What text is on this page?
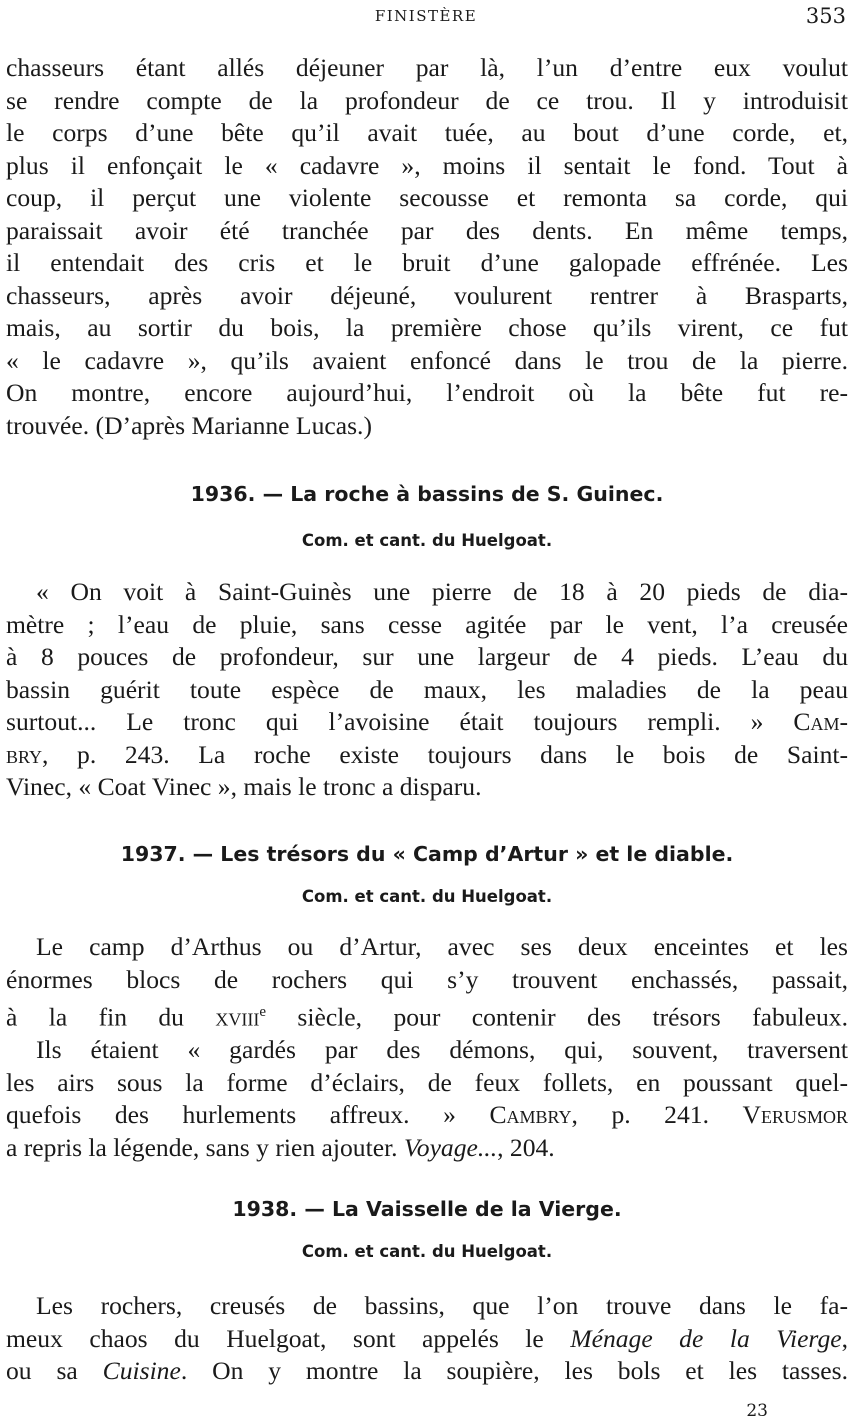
FINISTÈRE	353
chasseurs étant allés déjeuner par là, l’un d’entre eux voulut
se rendre compte de la profondeur de ce trou. Il y introduisit
le corps d’une bête qu’il avait tuée, au bout d’une corde, et,
plus il enfonçait le « cadavre », moins il sentait le fond. Tout à
coup, il perçut une violente secousse et remonta sa corde, qui
paraissait avoir été tranchée par des dents. En même temps,
il entendait des cris et le bruit d’une galopade effrénée. Les
chasseurs, après avoir déjeuné, voulurent rentrer à Brasparts,
mais, au sortir du bois, la première chose qu’ils virent, ce fut
« le cadavre », qu’ils avaient enfoncé dans le trou de la pierre.
On montre, encore aujourd’hui, l’endroit où la bête fut re-
trouvée. (D’après Marianne Lucas.)
1936. — La roche à bassins de S. Guinec.
Com. et cant. du Huelgoat.
« On voit à Saint-Guinès une pierre de 18 à 20 pieds de dia-
mètre ; l’eau de pluie, sans cesse agitée par le vent, l’a creusée
à 8 pouces de profondeur, sur une largeur de 4 pieds. L’eau du
bassin guérit toute espèce de maux, les maladies de la peau
surtout... Le tronc qui l’avoisine était toujours rempli. » Cam-
bry, p. 243. La roche existe toujours dans le bois de Saint-
Vinec, « Coat Vinec », mais le tronc a disparu.
1937. — Les trésors du « Camp d’Artur » et le diable.
Com. et cant. du Huelgoat.
Le camp d’Arthus ou d’Artur, avec ses deux enceintes et les
énormes blocs de rochers qui s’y trouvent enchassés, passait,
à la fin du xviii$^e$ siècle, pour contenir des trésors fabuleux.
Ils étaient « gardés par des démons, qui, souvent, traversent
les airs sous la forme d’éclairs, de feux follets, en poussant quel-
quefois des hurlements affreux. » Cambry, p. 241. Verusmor
a repris la légende, sans y rien ajouter. Voyage..., 204.
1938. — La Vaisselle de la Vierge.
Com. et cant. du Huelgoat.
Les rochers, creusés de bassins, que l’on trouve dans le fa-
meux chaos du Huelgoat, sont appelés le Ménage de la Vierge,
ou sa Cuisine. On y montre la soupière, les bols et les tasses.
23
